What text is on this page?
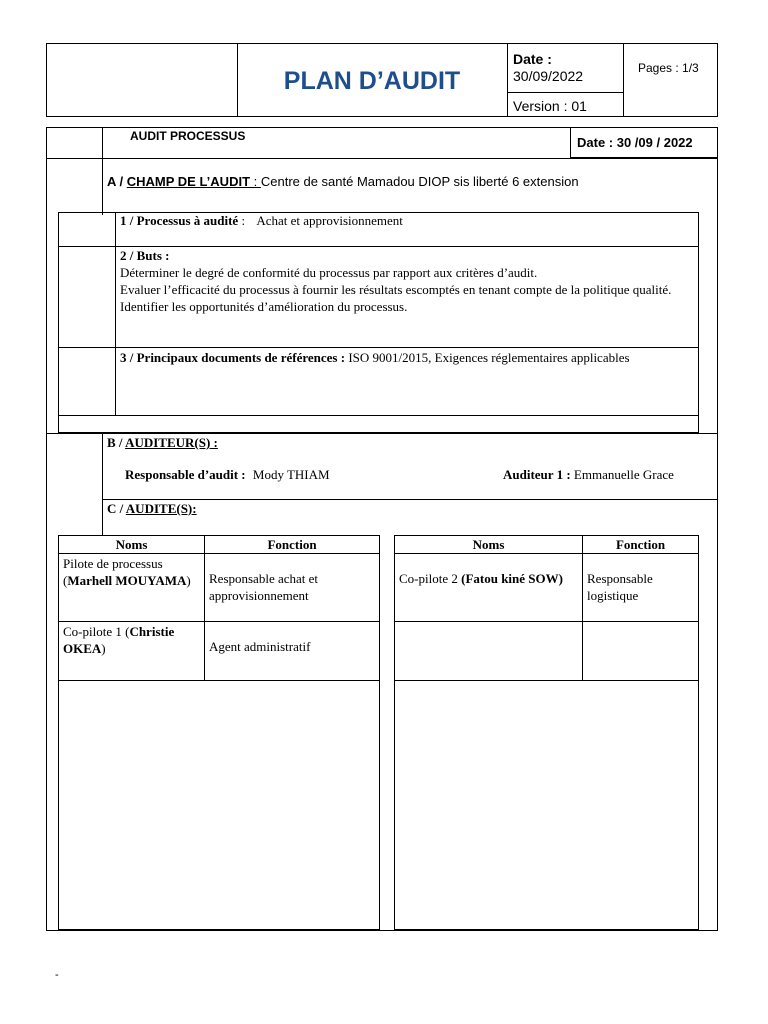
PLAN D’AUDIT
Date :
30/09/2022
Version : 01
Pages : 1/3
AUDIT PROCESSUS	Date : 30 /09 / 2022
A / CHAMP DE L’AUDIT : Centre de santé Mamadou DIOP sis liberté 6 extension
1 / Processus à audité : Achat et approvisionnement
2 / Buts :
Déterminer le degré de conformité du processus par rapport aux critères d’audit.
Evaluer l’efficacité du processus à fournir les résultats escomptés en tenant compte de la politique qualité.
Identifier les opportunités d’amélioration du processus.
3 / Principaux documents de références : ISO 9001/2015, Exigences réglementaires applicables
B / AUDITEUR(S) :
Responsable d’audit : Mody THIAM	Auditeur 1 : Emmanuelle Grace
C / AUDITE(S):
Noms	Fonction
Pilote de processus (Marhell MOUYAMA)	Responsable achat et approvisionnement
Co-pilote 1 (Christie OKEA)	Agent administratif

Noms	Fonction
Co-pilote 2 (Fatou kiné SOW)	Responsable logistique

-
